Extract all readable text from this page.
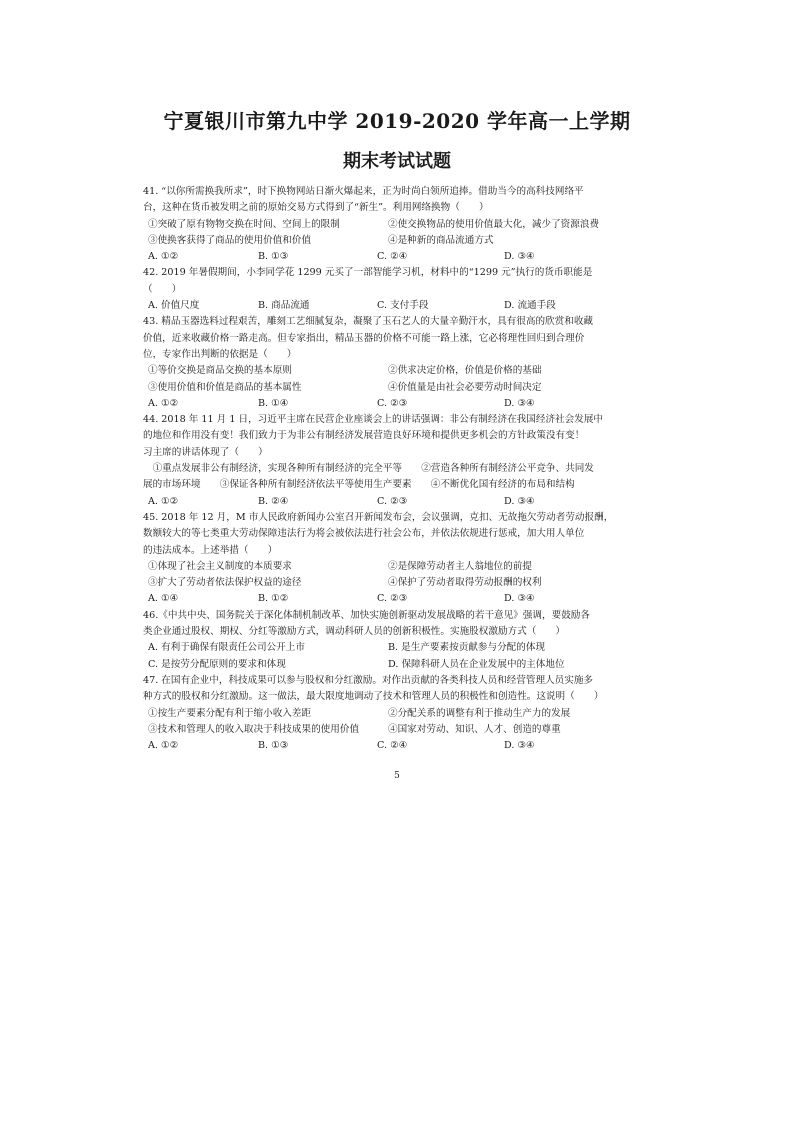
宁夏银川市第九中学 2019-2020 学年高一上学期
期末考试试题
41. “以你所需换我所求”，时下换物网站日渐火爆起来，正为时尚白领所追捧。借助当今的高科技网络平
台，这种在货币被发明之前的原始交易方式得到了“新生”。利用网络换物（　　）
①突破了原有物物交换在时间、空间上的限制	②使交换物品的使用价值最大化，减少了资源浪费
③使换客获得了商品的使用价值和价值	④是种新的商品流通方式
A. ①②	B. ①③	C. ②④	D. ③④
42. 2019 年暑假期间，小李同学花 1299 元买了一部智能学习机，材料中的“1299 元”执行的货币职能是
（　　）
A. 价值尺度	B. 商品流通	C. 支付手段	D. 流通手段
43. 精品玉器选料过程艰苦，雕刻工艺细腻复杂，凝聚了玉石艺人的大量辛勤汗水，具有很高的欣赏和收藏
价值，近来收藏价格一路走高。但专家指出，精品玉器的价格不可能一路上涨，它必将理性回归到合理价
位，专家作出判断的依据是（　　）
①等价交换是商品交换的基本原则	②供求决定价格，价值是价格的基础
③使用价值和价值是商品的基本属性	④价值量是由社会必要劳动时间决定
A. ①②	B. ①④	C. ②③	D. ③④
44. 2018 年 11 月 1 日，习近平主席在民营企业座谈会上的讲话强调：非公有制经济在我国经济社会发展中
的地位和作用没有变！我们致力于为非公有制经济发展营造良好环境和提供更多机会的方针政策没有变！
习主席的讲话体现了（　　）
　①重点发展非公有制经济，实现各种所有制经济的完全平等　　②营造各种所有制经济公平竞争、共同发
展的市场环境　　③保证各种所有制经济依法平等使用生产要素　　④不断优化国有经济的布局和结构
A. ①②	B. ②④	C. ②③	D. ③④
45. 2018 年 12 月，M 市人民政府新闻办公室召开新闻发布会，会议强调，克扣、无故拖欠劳动者劳动报酬，
数额较大的等七类重大劳动保障违法行为将会被依法进行社会公布，并依法依规进行惩戒，加大用人单位
的违法成本。上述举措（　　）
①体现了社会主义制度的本质要求	②是保障劳动者主人翁地位的前提
③扩大了劳动者依法保护权益的途径	④保护了劳动者取得劳动报酬的权利
A. ①④	B. ①②	C. ②③	D. ③④
46.《中共中央、国务院关于深化体制机制改革、加快实施创新驱动发展战略的若干意见》强调，要鼓励各
类企业通过股权、期权、分红等激励方式，调动科研人员的创新积极性。实施股权激励方式（　　）
A. 有利于确保有限责任公司公开上市	B. 是生产要素按贡献参与分配的体现
C. 是按劳分配原则的要求和体现	D. 保障科研人员在企业发展中的主体地位
47. 在国有企业中，科技成果可以参与股权和分红激励。对作出贡献的各类科技人员和经营管理人员实施多
种方式的股权和分红激励。这一做法，最大限度地调动了技术和管理人员的积极性和创造性。这说明（　　）
①按生产要素分配有利于缩小收入差距	②分配关系的调整有利于推动生产力的发展
③技术和管理人的收入取决于科技成果的使用价值	④国家对劳动、知识、人才、创造的尊重
A. ①②	B. ①③	C. ②④	D. ③④
5
